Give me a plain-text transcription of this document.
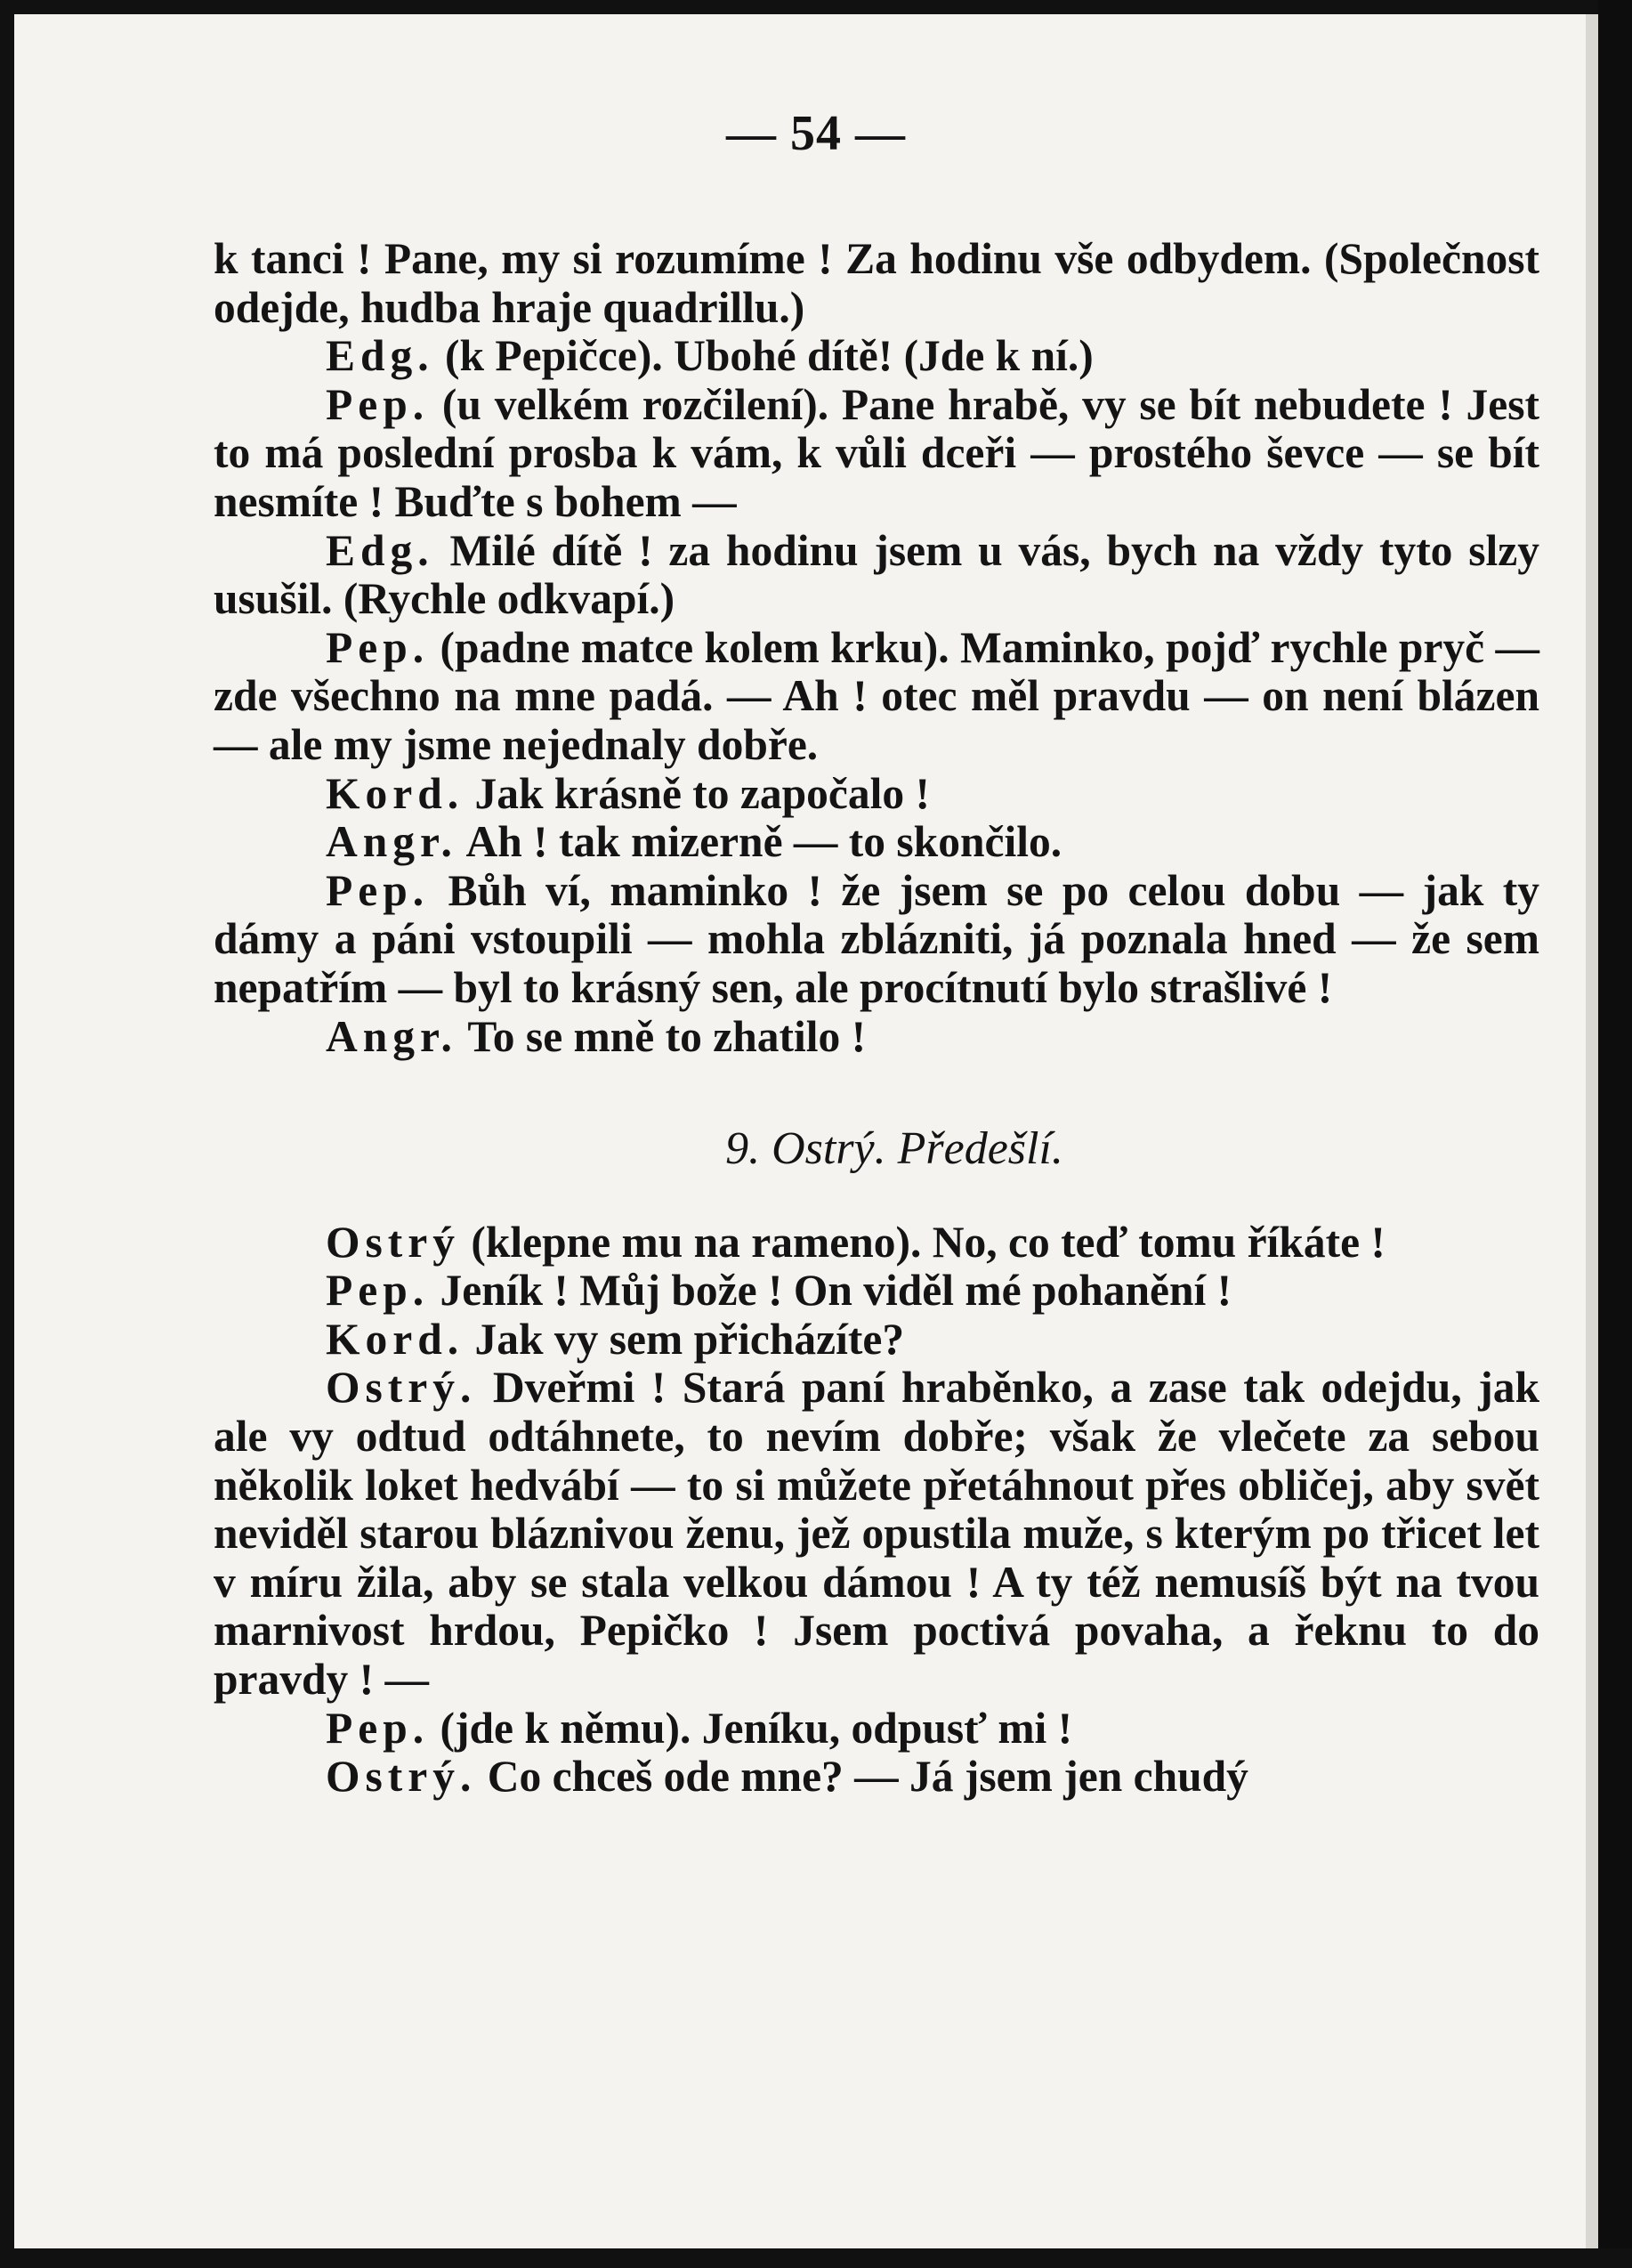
— 54 —

k tanci ! Pane, my si rozumíme ! Za hodinu vše odbydem. (Společnost odejde, hudba hraje quadrillu.)

Edg. (k Pepičce). Ubohé dítě! (Jde k ní.)

Pep. (u velkém rozčilení). Pane hrabě, vy se bít nebudete ! Jest to má poslední prosba k vám, k vůli dceři — prostého ševce — se bít nesmíte ! Buďte s bohem —

Edg. Milé dítě ! za hodinu jsem u vás, bych na vždy tyto slzy usušil. (Rychle odkvapí.)

Pep. (padne matce kolem krku). Maminko, pojď rychle pryč — zde všechno na mne padá. — Ah ! otec měl pravdu — on není blázen — ale my jsme nejednaly dobře.

Kord. Jak krásně to započalo !

Angr. Ah ! tak mizerně — to skončilo.

Pep. Bůh ví, maminko ! že jsem se po celou dobu — jak ty dámy a páni vstoupili — mohla zblázniti, já poznala hned — že sem nepatřím — byl to krásný sen, ale procítnutí bylo strašlivé !

Angr. To se mně to zhatilo !

9. Ostrý. Předešlí.

Ostrý (klepne mu na rameno). No, co teď tomu říkáte !

Pep. Jeník ! Můj bože ! On viděl mé pohanění !

Kord. Jak vy sem přicházíte?

Ostrý. Dveřmi ! Stará paní hraběnko, a zase tak odejdu, jak ale vy odtud odtáhnete, to nevím dobře; však že vlečete za sebou několik loket hedvábí — to si můžete přetáhnout přes obličej, aby svět neviděl starou bláznivou ženu, jež opustila muže, s kterým po třicet let v míru žila, aby se stala velkou dámou ! A ty též nemusíš být na tvou marnivost hrdou, Pepičko ! Jsem poctivá povaha, a řeknu to do pravdy ! —

Pep. (jde k němu). Jeníku, odpusť mi !

Ostrý. Co chceš ode mne? — Já jsem jen chudý
